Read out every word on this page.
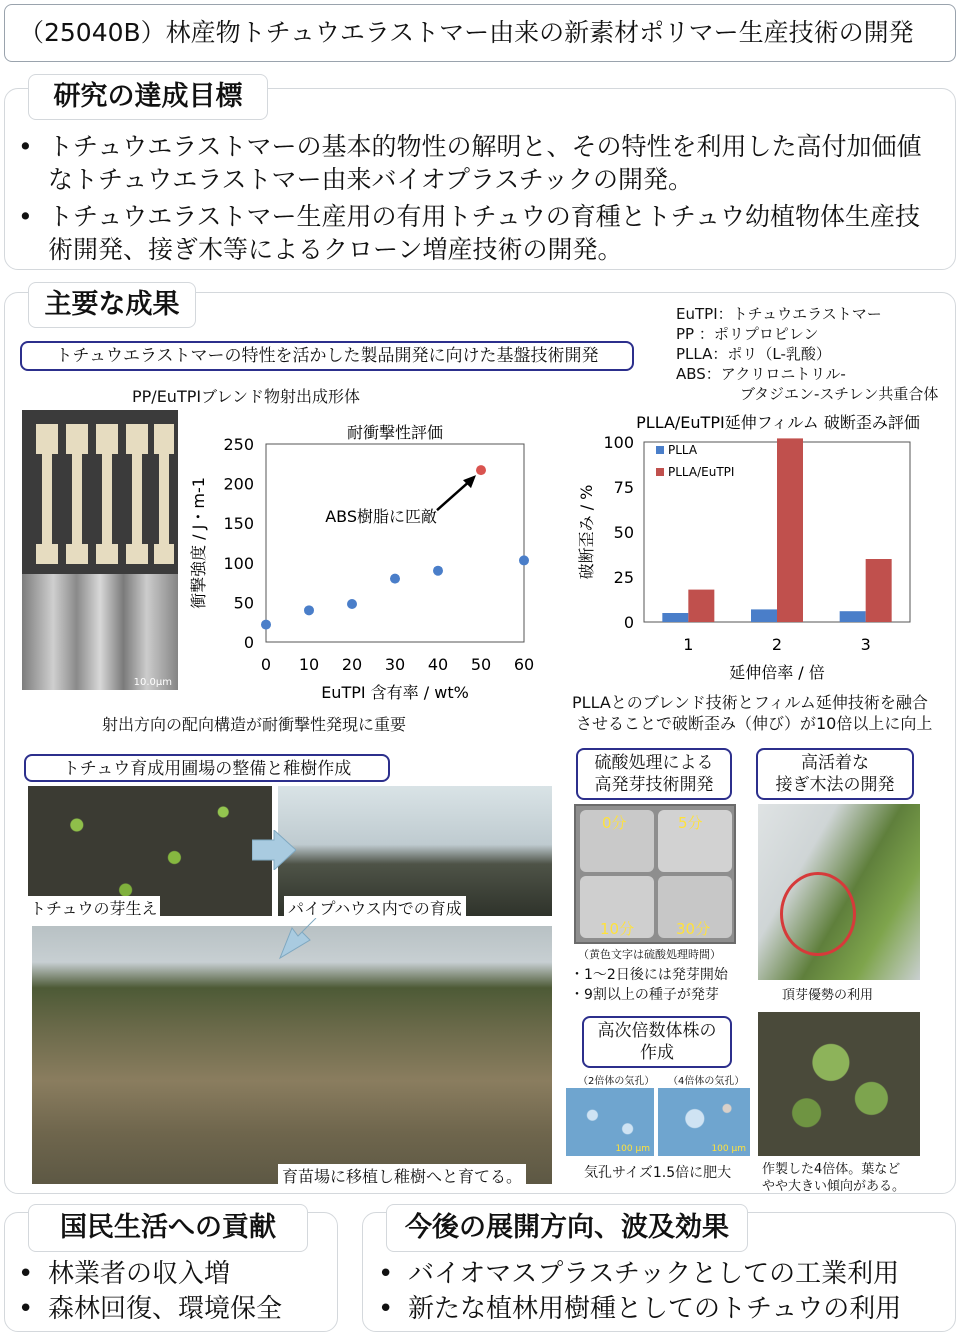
（25040B）林産物トチュウエラストマー由来の新素材ポリマー生産技術の開発
研究の達成目標
• トチュウエラストマーの基本的物性の解明と、その特性を利用した高付加価値なトチュウエラストマー由来バイオプラスチックの開発。
• トチュウエラストマー生産用の有用トチュウの育種とトチュウ幼植物体生産技術開発、接ぎ木等によるクローン増産技術の開発。
主要な成果	EuTPI：トチュウエラストマー
PP ：ポリプロピレン
PLLA：ポリ（L-乳酸）
ABS：アクリロニトリル-
ブタジエン-スチレン共重合体
トチュウエラストマーの特性を活かした製品開発に向けた基盤技術開発
PP/EuTPIブレンド物射出成形体
10.0µm
耐衝撃性評価
0
50
100
150
200
250
0 10 20 30 40 50 60
EuTPI 含有率 / wt%
衝撃強度 / J・m-1	ABS樹脂に匹敵
射出方向の配向構造が耐衝撃性発現に重要
PLLA/EuTPI延伸フィルム 破断歪み評価
0
25
50
75
100
破断歪み / %
1	2	3
延伸倍率 / 倍
PLLA
PLLA/EuTPI
PLLAとのブレンド技術とフィルム延伸技術を融合
させることで破断歪み（伸び）が10倍以上に向上
トチュウ育成用圃場の整備と稚樹作成
トチュウの芽生え	パイプハウス内での育成
育苗場に移植し稚樹へと育てる。
硫酸処理による
高発芽技術開発
0分	5分
10分	30分
（黄色文字は硫酸処理時間）
・1～2日後には発芽開始
・9割以上の種子が発芽
高活着な
接ぎ木法の開発
頂芽優勢の利用
高次倍数体株の
作成
（2倍体の気孔） （4倍体の気孔）
100 µm	100 µm
気孔サイズ1.5倍に肥大 作製した4倍体。葉など
やや大きい傾向がある。
国民生活への貢献
• 林業者の収入増
• 森林回復、環境保全
今後の展開方向、波及効果
• バイオマスプラスチックとしての工業利用
• 新たな植林用樹種としてのトチュウの利用
